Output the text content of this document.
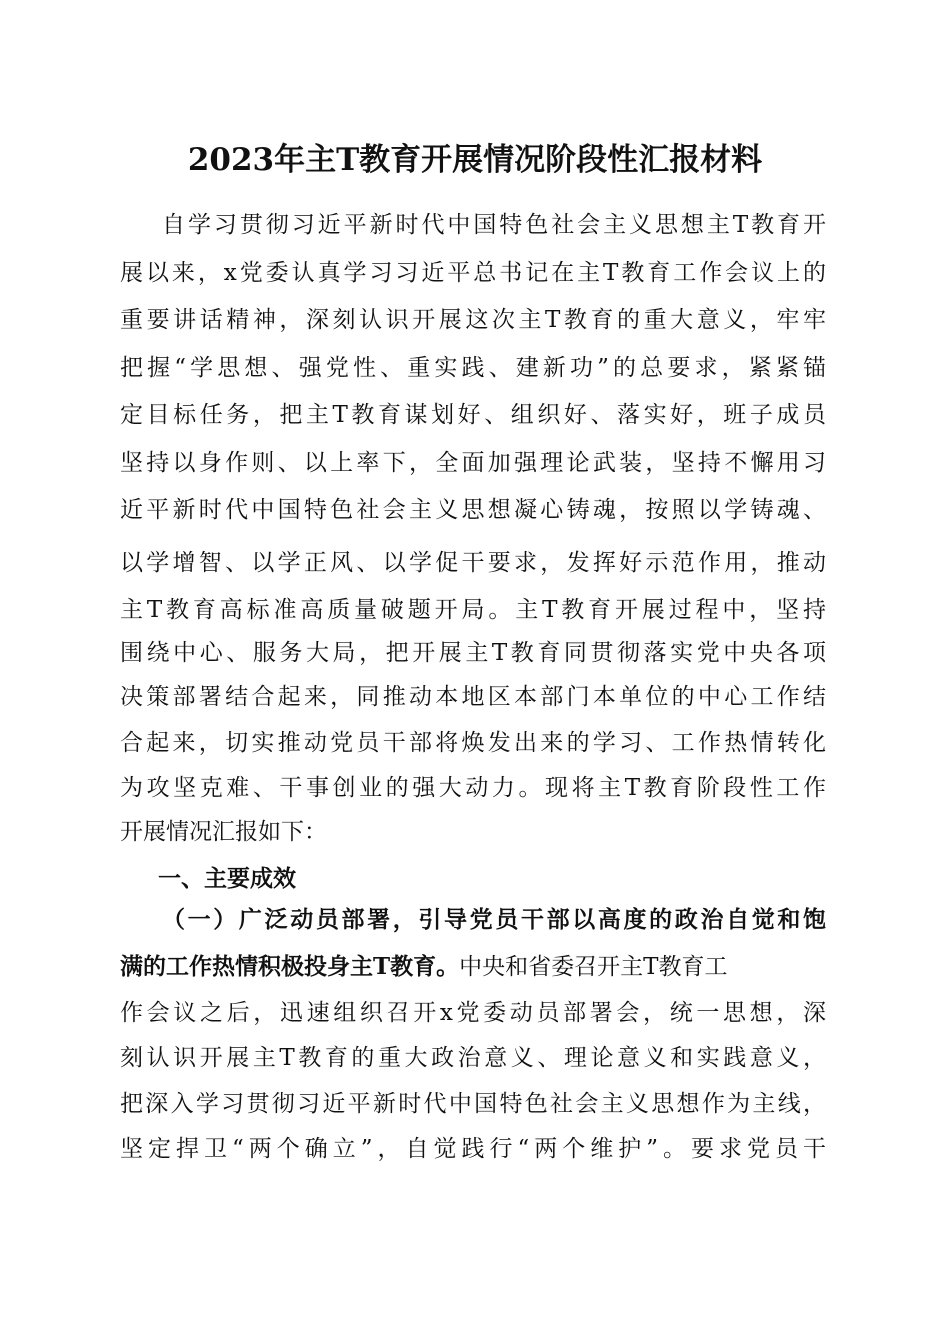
2023年主T教育开展情况阶段性汇报材料
自学习贯彻习近平新时代中国特色社会主义思想主T教育开
展以来，x党委认真学习习近平总书记在主T教育工作会议上的
重要讲话精神，深刻认识开展这次主T教育的重大意义，牢牢
把握“学思想、强党性、重实践、建新功”的总要求，紧紧锚
定目标任务，把主T教育谋划好、组织好、落实好，班子成员
坚持以身作则、以上率下，全面加强理论武装，坚持不懈用习
近平新时代中国特色社会主义思想凝心铸魂，按照以学铸魂、
以学增智、以学正风、以学促干要求，发挥好示范作用，推动
主T教育高标准高质量破题开局。主T教育开展过程中，坚持
围绕中心、服务大局，把开展主T教育同贯彻落实党中央各项
决策部署结合起来，同推动本地区本部门本单位的中心工作结
合起来，切实推动党员干部将焕发出来的学习、工作热情转化
为攻坚克难、干事创业的强大动力。现将主T教育阶段性工作
开展情况汇报如下：
一、主要成效
（一）广泛动员部署，引导党员干部以高度的政治自觉和饱
满的工作热情积极投身主T教育。中央和省委召开主T教育工
作会议之后，迅速组织召开x党委动员部署会，统一思想，深
刻认识开展主T教育的重大政治意义、理论意义和实践意义，
把深入学习贯彻习近平新时代中国特色社会主义思想作为主线，
坚定捍卫“两个确立”，自觉践行“两个维护”。要求党员干
